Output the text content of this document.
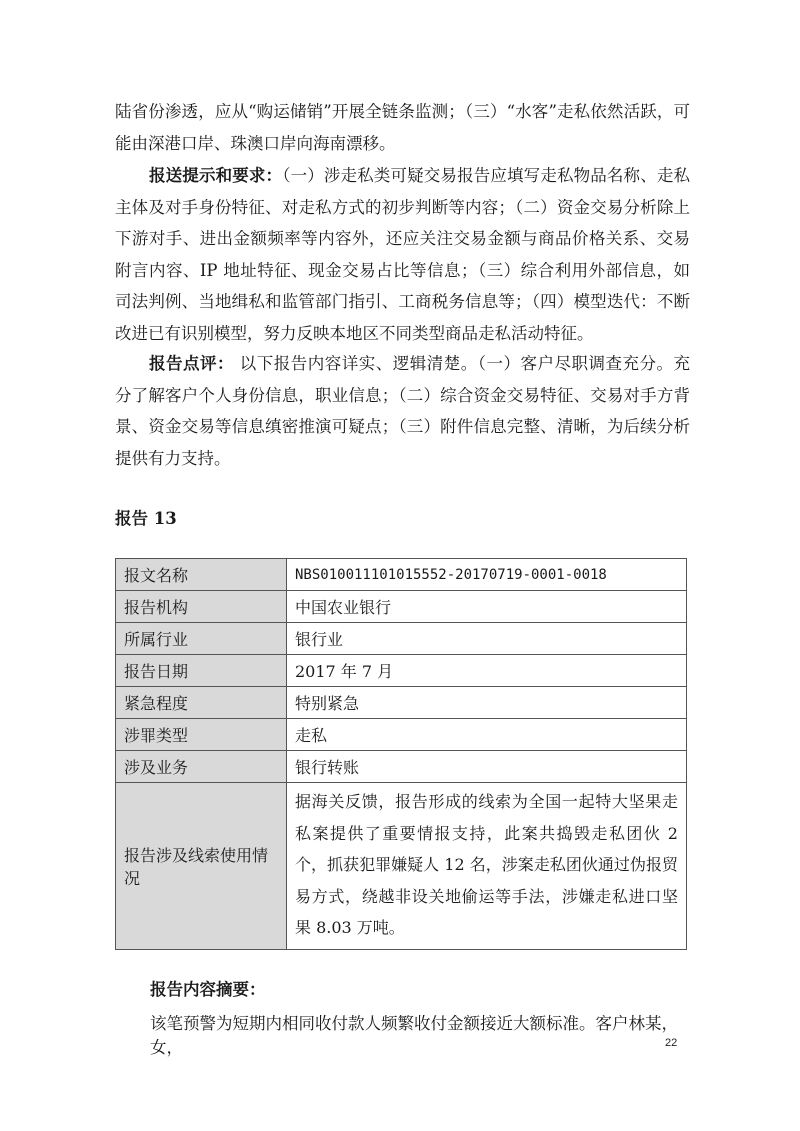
陆省份渗透，应从“购运储销”开展全链条监测；（三）“水客”走私依然活跃，可能由深港口岸、珠澳口岸向海南漂移。

报送提示和要求：（一）涉走私类可疑交易报告应填写走私物品名称、走私主体及对手身份特征、对走私方式的初步判断等内容；（二）资金交易分析除上下游对手、进出金额频率等内容外，还应关注交易金额与商品价格关系、交易附言内容、IP 地址特征、现金交易占比等信息；（三）综合利用外部信息，如司法判例、当地缉私和监管部门指引、工商税务信息等；（四）模型迭代：不断改进已有识别模型，努力反映本地区不同类型商品走私活动特征。

报告点评： 以下报告内容详实、逻辑清楚。（一）客户尽职调查充分。充分了解客户个人身份信息，职业信息；（二）综合资金交易特征、交易对手方背景、资金交易等信息缜密推演可疑点；（三）附件信息完整、清晰，为后续分析提供有力支持。

报告 13

报文名称	NBS010011101015552-20170719-0001-0018
报告机构	中国农业银行
所属行业	银行业
报告日期	2017 年 7 月
紧急程度	特别紧急
涉罪类型	走私
涉及业务	银行转账
报告涉及线索使用情况	据海关反馈，报告形成的线索为全国一起特大坚果走私案提供了重要情报支持，此案共捣毁走私团伙 2 个，抓获犯罪嫌疑人 12 名，涉案走私团伙通过伪报贸易方式，绕越非设关地偷运等手法，涉嫌走私进口坚果 8.03 万吨。

报告内容摘要：

该笔预警为短期内相同收付款人频繁收付金额接近大额标准。客户林某，女，	22
